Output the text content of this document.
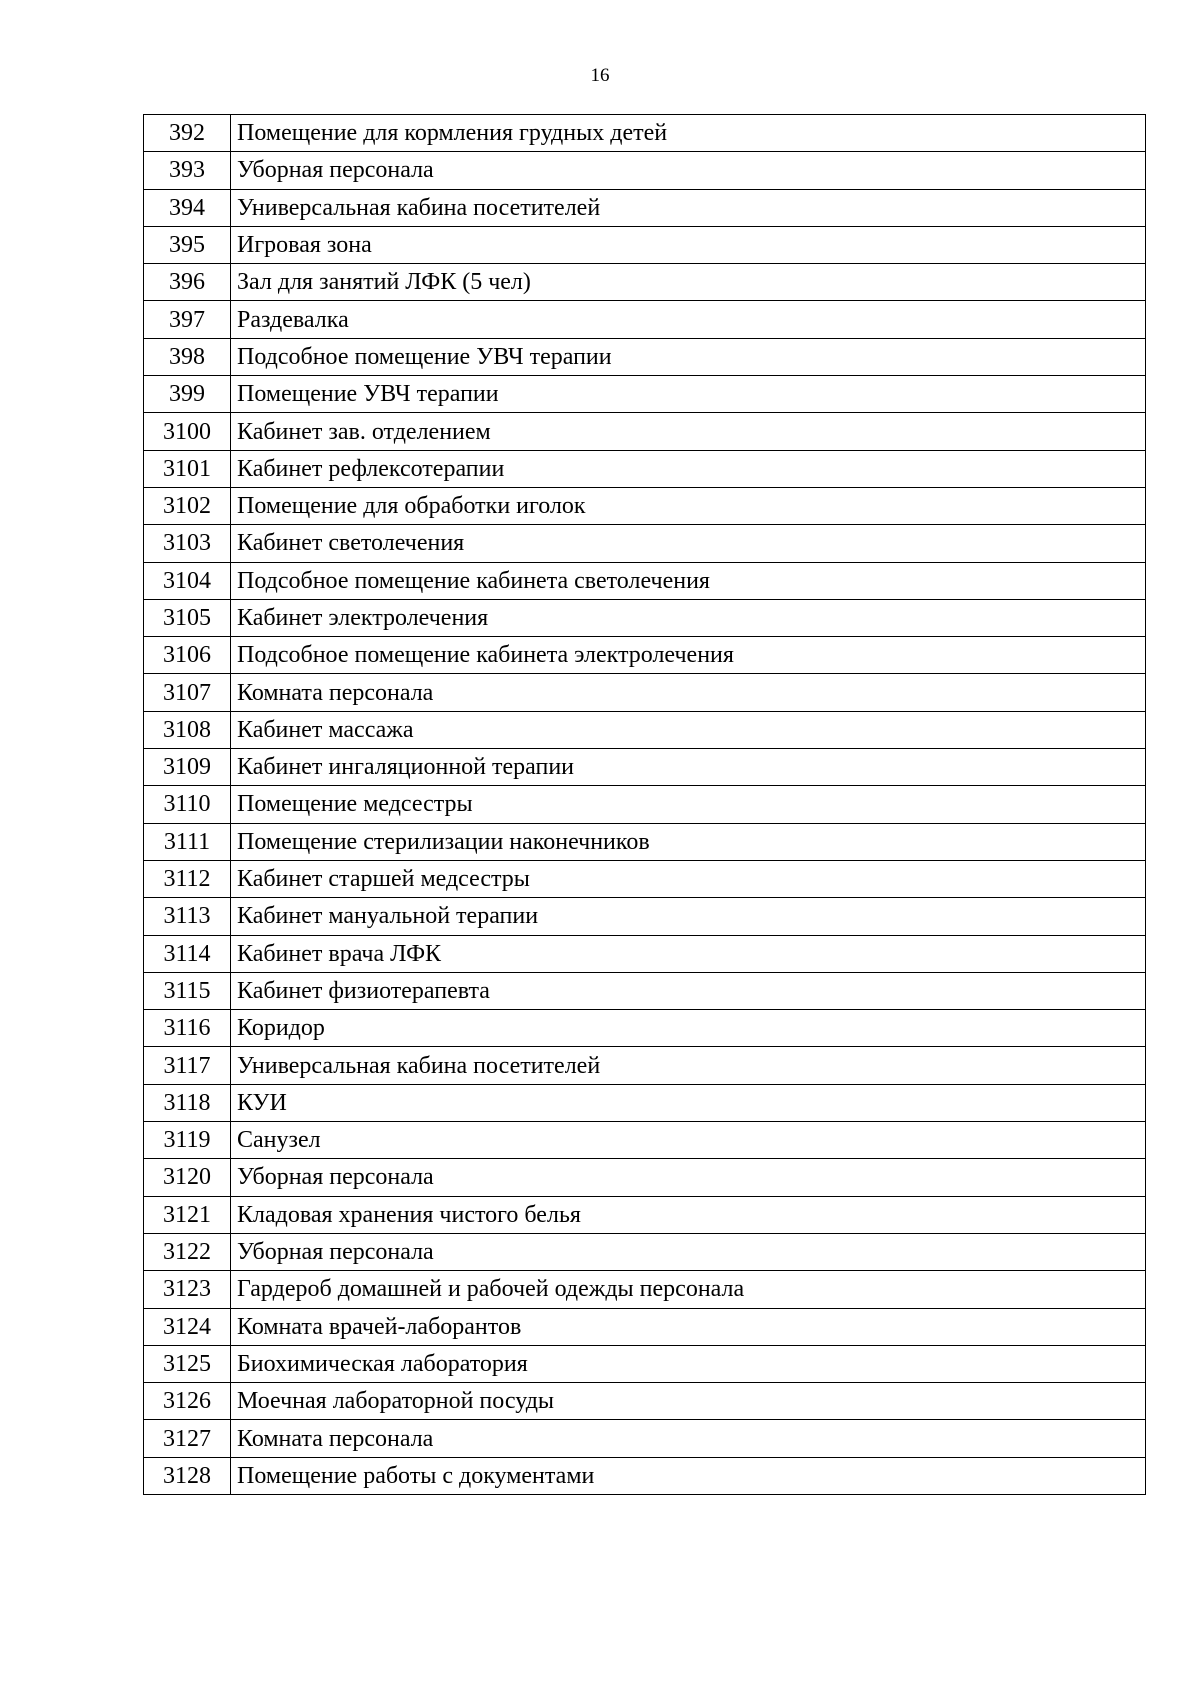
16
392	Помещение для кормления грудных детей
393	Уборная персонала
394	Универсальная кабина посетителей
395	Игровая зона
396	Зал для занятий ЛФК (5 чел)
397	Раздевалка
398	Подсобное помещение УВЧ терапии
399	Помещение УВЧ терапии
3100	Кабинет зав. отделением
3101	Кабинет рефлексотерапии
3102	Помещение для обработки иголок
3103	Кабинет светолечения
3104	Подсобное помещение кабинета светолечения
3105	Кабинет электролечения
3106	Подсобное помещение кабинета электролечения
3107	Комната персонала
3108	Кабинет массажа
3109	Кабинет ингаляционной терапии
3110	Помещение медсестры
3111	Помещение стерилизации наконечников
3112	Кабинет старшей медсестры
3113	Кабинет мануальной терапии
3114	Кабинет врача ЛФК
3115	Кабинет физиотерапевта
3116	Коридор
3117	Универсальная кабина посетителей
3118	КУИ
3119	Санузел
3120	Уборная персонала
3121	Кладовая хранения чистого белья
3122	Уборная персонала
3123	Гардероб домашней и рабочей одежды персонала
3124	Комната врачей-лаборантов
3125	Биохимическая лаборатория
3126	Моечная лабораторной посуды
3127	Комната персонала
3128	Помещение работы с документами
